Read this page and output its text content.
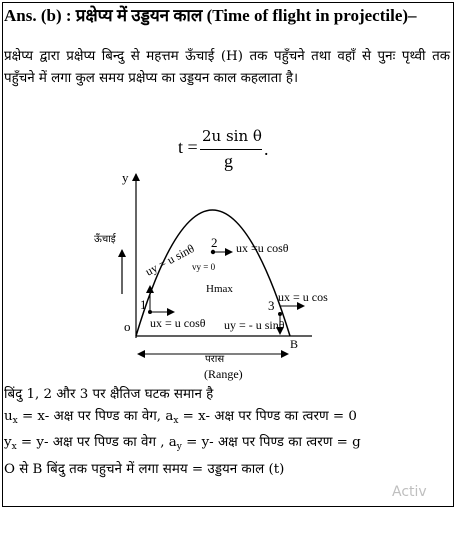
Ans. (b) : प्रक्षेप्य में उड्डयन काल (Time of flight in projectile)–
प्रक्षेप्य द्वारा प्रक्षेप्य बिन्दु से महत्तम ऊँचाई (H) तक पहुँचने तथा वहाँ से पुनः पृथ्वी तक पहुँचने में लगा कुल समय प्रक्षेप्य का उड्डयन काल कहलाता है।
t =
2u sin θ
g
.
y
ऊँचाई	2 ux =u cosθ
vy = 0
uy = u sinθ
1
ux = u cosθ
Hmax
3
ux = u cos
uy = - u sinθ
o
B
परास
(Range)
बिंदु 1, 2 और 3 पर क्षैतिज घटक समान है
$u_x = x-$ अक्ष पर पिण्ड का वेग, $a_x = x-$ अक्ष पर पिण्ड का त्वरण = 0
$y_x = y-$ अक्ष पर पिण्ड का वेग , $a_y = y-$ अक्ष पर पिण्ड का त्वरण = g
O से B बिंदु तक पहुचने में लगा समय = उड्डयन काल (t)
Activ
